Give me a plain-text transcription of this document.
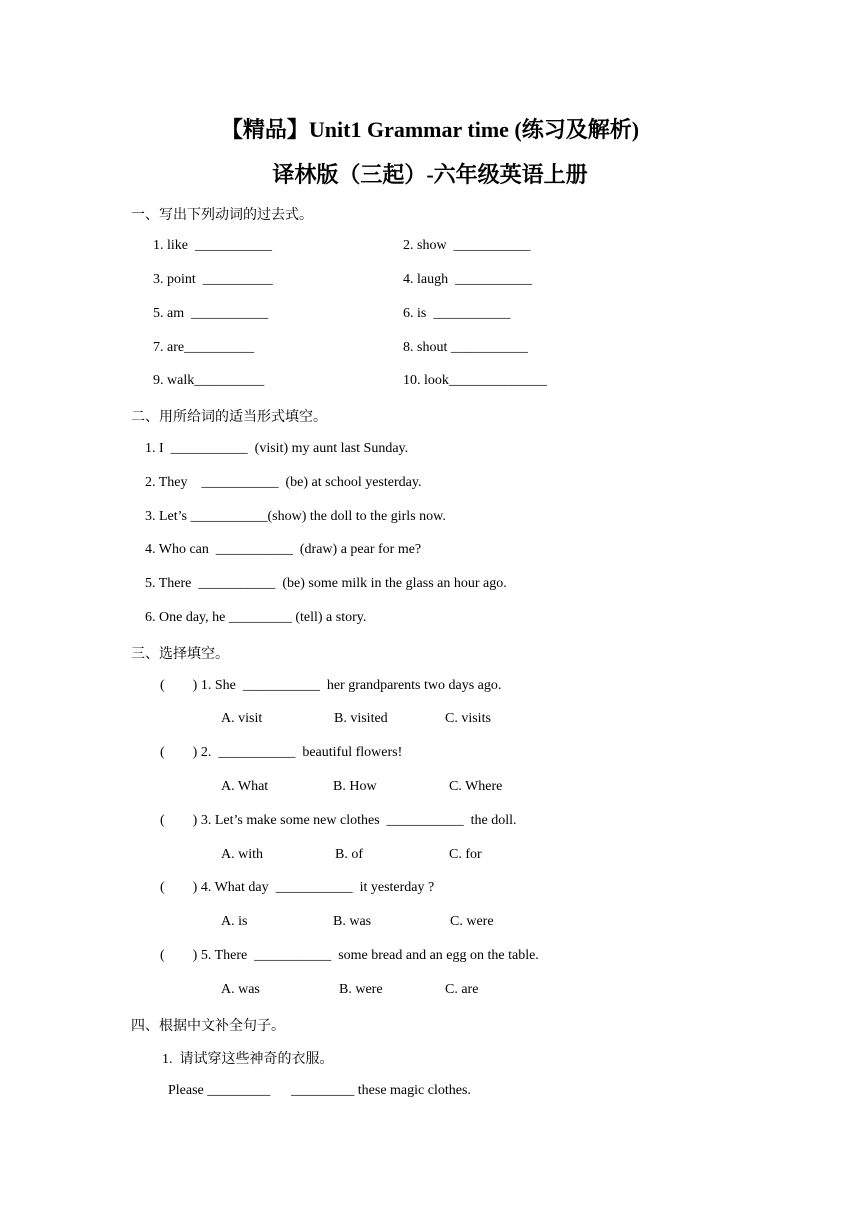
【精品】Unit1 Grammar time (练习及解析)
译林版（三起）-六年级英语上册
一、写出下列动词的过去式。
1. like  ___________	2. show  ___________
3. point  __________	4. laugh  ___________
5. am  ___________	6. is  ___________
7. are__________	8. shout ___________
9. walk__________	10. look______________
二、用所给词的适当形式填空。
1. I  ___________  (visit) my aunt last Sunday.
2. They    ___________  (be) at school yesterday.
3. Let’s ___________(show) the doll to the girls now.
4. Who can  ___________  (draw) a pear for me?
5. There  ___________  (be) some milk in the glass an hour ago.
6. One day, he _________ (tell) a story.
三、选择填空。
(        ) 1. She  ___________  her grandparents two days ago.
A. visit	B. visited	C. visits
(        ) 2.  ___________  beautiful flowers!
A. What	B. How	C. Where
(        ) 3. Let’s make some new clothes  ___________  the doll.
A. with	B. of	C. for
(        ) 4. What day  ___________  it yesterday ?
A. is	B. was	C. were
(        ) 5. There  ___________  some bread and an egg on the table.
A. was	B. were	C. are
四、根据中文补全句子。
1.  请试穿这些神奇的衣服。
Please _________      _________ these magic clothes.
